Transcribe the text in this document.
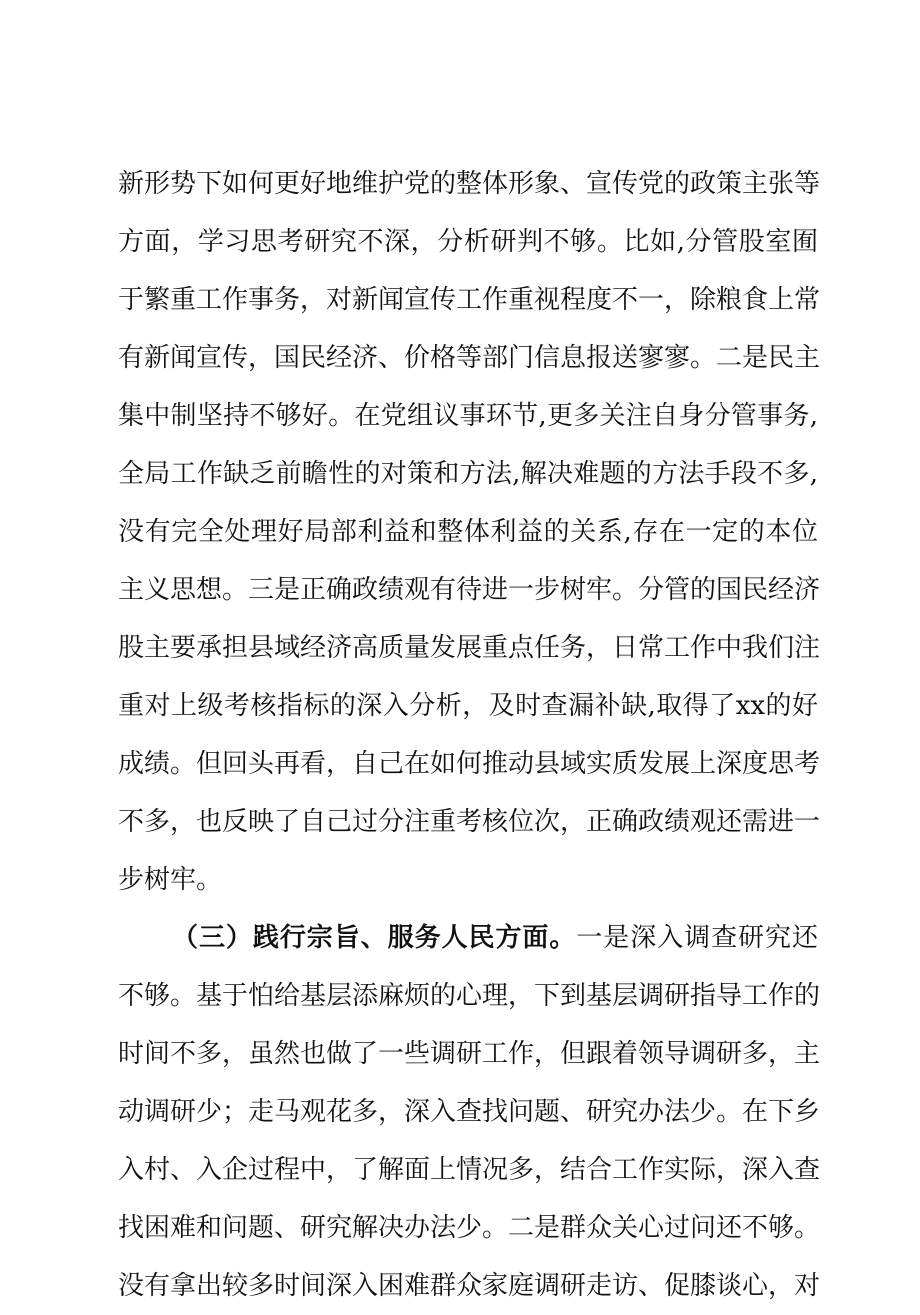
新形势下如何更好地维护党的整体形象、宣传党的政策主张等
方面，学习思考研究不深，分析研判不够。比如,分管股室囿
于繁重工作事务，对新闻宣传工作重视程度不一，除粮食上常
有新闻宣传，国民经济、价格等部门信息报送寥寥。二是民主
集中制坚持不够好。在党组议事环节,更多关注自身分管事务,
全局工作缺乏前瞻性的对策和方法,解决难题的方法手段不多,
没有完全处理好局部利益和整体利益的关系,存在一定的本位
主义思想。三是正确政绩观有待进一步树牢。分管的国民经济
股主要承担县域经济高质量发展重点任务，日常工作中我们注
重对上级考核指标的深入分析，及时查漏补缺,取得了xx的好
成绩。但回头再看，自己在如何推动县域实质发展上深度思考
不多，也反映了自己过分注重考核位次，正确政绩观还需进一
步树牢。
（三）践行宗旨、服务人民方面。一是深入调查研究还
不够。基于怕给基层添麻烦的心理，下到基层调研指导工作的
时间不多，虽然也做了一些调研工作，但跟着领导调研多，主
动调研少；走马观花多，深入查找问题、研究办法少。在下乡
入村、入企过程中，了解面上情况多，结合工作实际，深入查
找困难和问题、研究解决办法少。二是群众关心过问还不够。
没有拿出较多时间深入困难群众家庭调研走访、促膝谈心，对
